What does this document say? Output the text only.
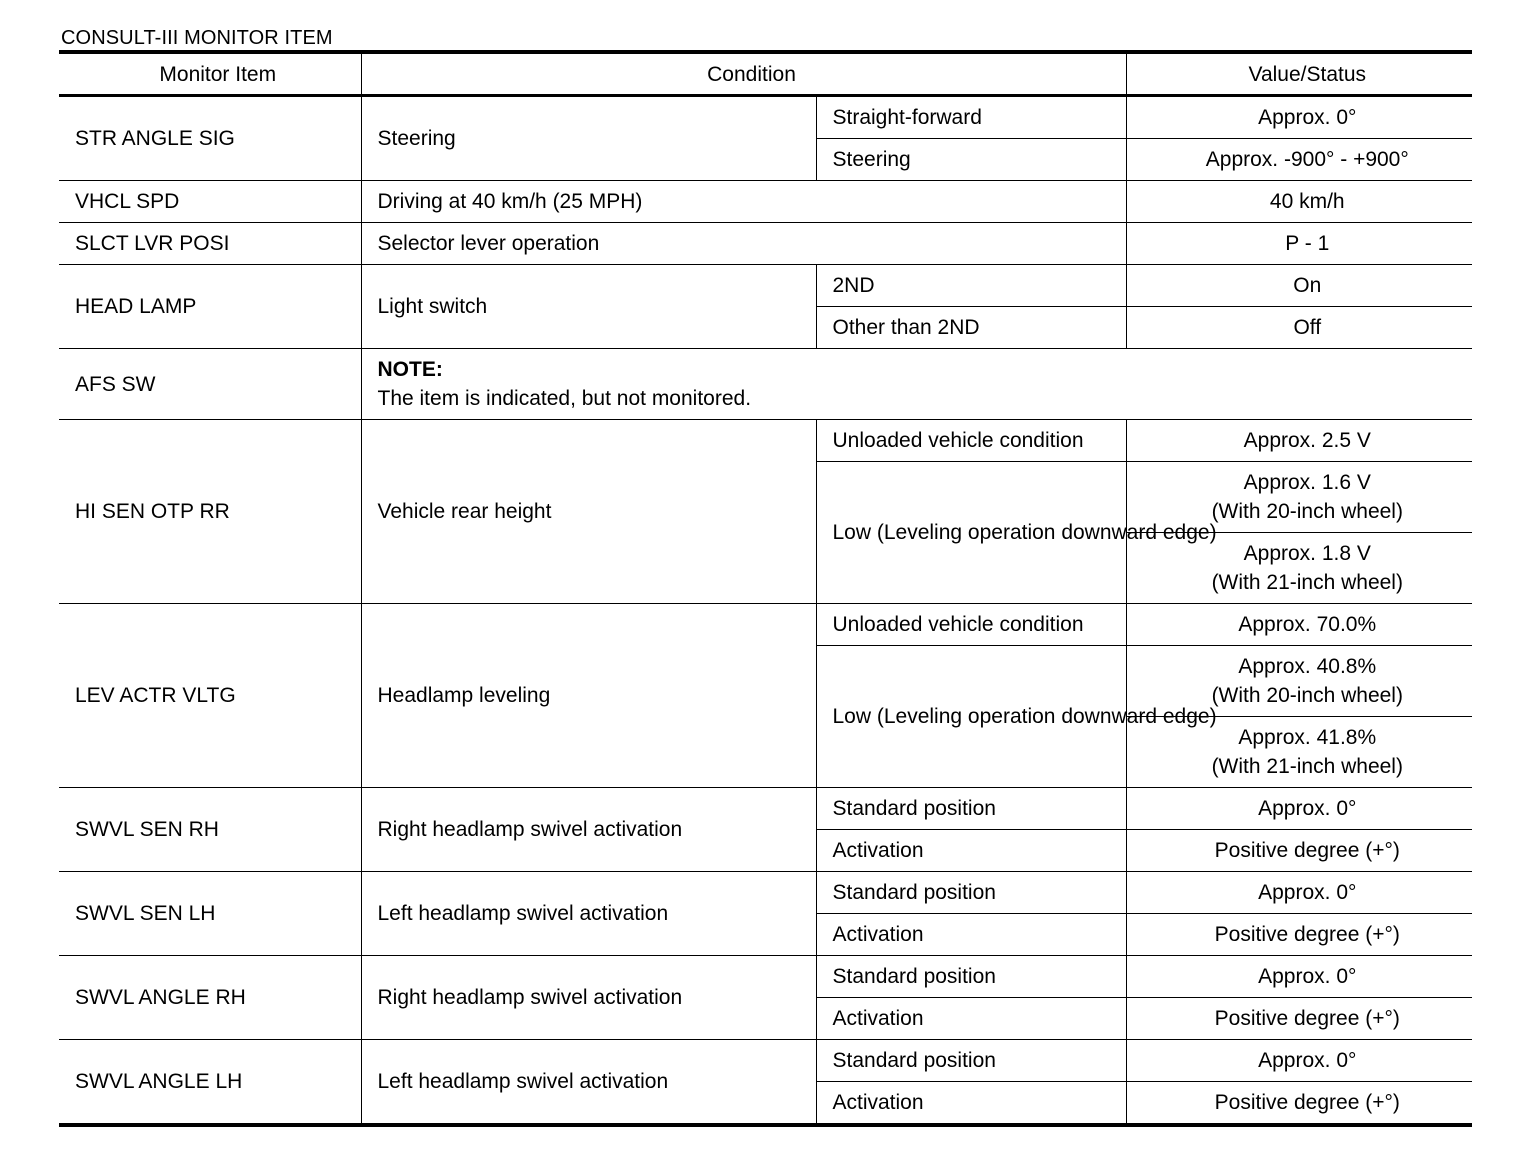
CONSULT-III MONITOR ITEM
Monitor Item	Condition		Value/Status
STR ANGLE SIG	Steering	Straight-forward	Approx. 0°
		Steering	Approx. -900° - +900°
VHCL SPD	Driving at 40 km/h (25 MPH)		40 km/h
SLCT LVR POSI	Selector lever operation		P - 1
HEAD LAMP	Light switch	2ND	On
		Other than 2ND	Off
AFS SW	NOTE:
The item is indicated, but not monitored.		

HI SEN OTP RR	Vehicle rear height	Unloaded vehicle condition	Approx. 2.5 V
		Low (Leveling operation downward edge)	Approx. 1.6 V
(With 20-inch wheel)

			Approx. 1.8 V
(With 21-inch wheel)

LEV ACTR VLTG	Headlamp leveling	Unloaded vehicle condition	Approx. 70.0%
		Low (Leveling operation downward edge)	Approx. 40.8%
(With 20-inch wheel)

			Approx. 41.8%
(With 21-inch wheel)

SWVL SEN RH	Right headlamp swivel activation	Standard position	Approx. 0°
		Activation	Positive degree (+°)
SWVL SEN LH	Left headlamp swivel activation	Standard position	Approx. 0°
		Activation	Positive degree (+°)
SWVL ANGLE RH	Right headlamp swivel activation	Standard position	Approx. 0°
		Activation	Positive degree (+°)
SWVL ANGLE LH	Left headlamp swivel activation	Standard position	Approx. 0°
		Activation	Positive degree (+°)
